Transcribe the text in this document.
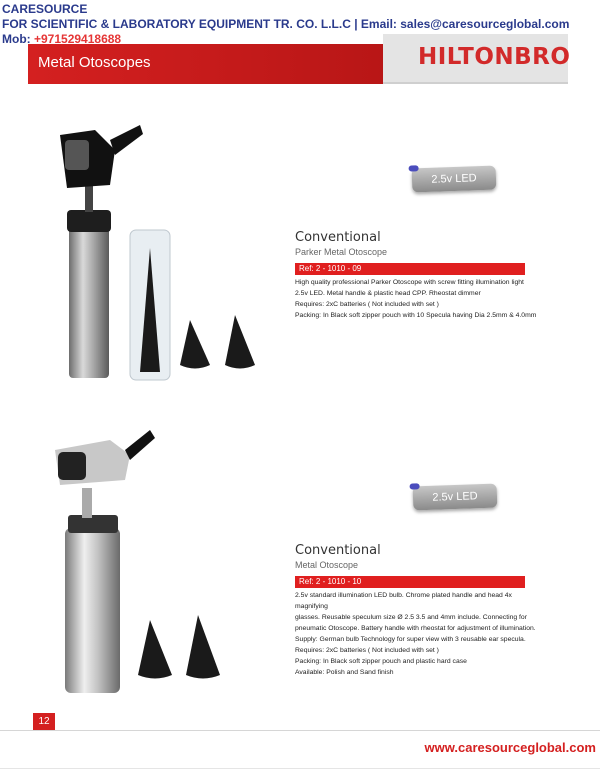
Metal Otoscopes	HILTONBRO
CARESOURCE
FOR SCIENTIFIC & LABORATORY EQUIPMENT TR. CO. L.L.C | Email: sales@caresourceglobal.com
Mob: +971529418688
2.5v LED
Conventional
Parker Metal Otoscope
Ref: 2 - 1010 - 09
High quality professional Parker Otoscope with screw fitting illumination light
2.5v LED. Metal handle & plastic head CPP. Rheostat dimmer
Requires: 2xC batteries ( Not included with set )
Packing: In Black soft zipper pouch with 10 Specula having Dia 2.5mm & 4.0mm
2.5v LED
Conventional
Metal Otoscope
Ref: 2 - 1010 - 10
2.5v standard illumination LED bulb. Chrome plated handle and head 4x magnifying
glasses. Reusable speculum size Ø 2.5 3.5 and 4mm include. Connecting for
pneumatic Otoscope. Battery handle with rheostat for adjustment of illumination.
Supply: German bulb Technology for super view with 3 reusable ear specula.
Requires: 2xC batteries ( Not included with set )
Packing: In Black soft zipper pouch and plastic hard case
Available: Polish and Sand finish
12
www.caresourceglobal.com
